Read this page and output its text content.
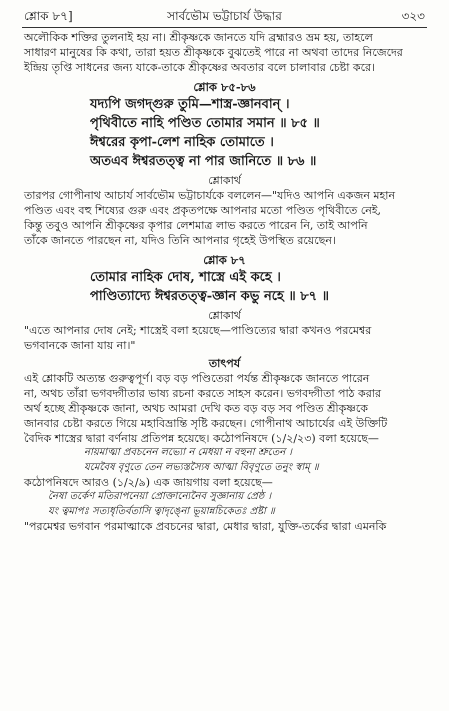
শ্লোক ৮৭]	সার্বভৌম ভট্টাচার্য উদ্ধার	৩২৩

অলৌকিক শক্তির তুলনাই হয় না। শ্রীকৃষ্ণকে জানতে যদি ব্রহ্মারও ভ্রম হয়, তাহলে

সাধারণ মানুষের কি কথা, তারা হয়ত শ্রীকৃষ্ণকে বুঝতেই পারে না অথবা তাদের নিজেদের

ইন্দ্রিয় তৃপ্তি সাধনের জন্য যাকে-তাকে শ্রীকৃষ্ণের অবতার বলে চালাবার চেষ্টা করে।

শ্লোক ৮৫-৮৬
যদ্যপি জগদ্গুরু তুমি—শাস্ত্র-জ্ঞানবান্ ।
পৃথিবীতে নাহি পণ্ডিত তোমার সমান ॥ ৮৫ ॥
ঈশ্বরের কৃপা-লেশ নাহিক তোমাতে ।
অতএব ঈশ্বরতত্ত্ব না পার জানিতে ॥ ৮৬ ॥
শ্লোকার্থ

তারপর গোপীনাথ আচার্য সার্বভৌম ভট্টাচার্যকে বললেন—"যদিও আপনি একজন মহান

পণ্ডিত এবং বহু শিষ্যের গুরু এবং প্রকৃতপক্ষে আপনার মতো পণ্ডিত পৃথিবীতে নেই,

কিন্তু তবুও আপনি শ্রীকৃষ্ণের কৃপার লেশমাত্র লাভ করতে পারেন নি, তাই আপনি

তাঁকে জানতে পারছেন না, যদিও তিনি আপনার গৃহেই উপস্থিত রয়েছেন।

শ্লোক ৮৭
তোমার নাহিক দোষ, শাস্ত্রে এই কহে ।
পাণ্ডিত্যাদ্যে ঈশ্বরতত্ত্ব-জ্ঞান কভু নহে ॥ ৮৭ ॥
শ্লোকার্থ

"এতে আপনার দোষ নেই; শাস্ত্রেই বলা হয়েছে—পাণ্ডিত্যের দ্বারা কখনও পরমেশ্বর

ভগবানকে জানা যায় না।"

তাৎপর্য

এই শ্লোকটি অত্যন্ত গুরুত্বপূর্ণ। বড় বড় পণ্ডিতেরা পর্যন্ত শ্রীকৃষ্ণকে জানতে পারেন

না, অথচ তাঁরা ভগবদ্গীতার ভাষ্য রচনা করতে সাহস করেন। ভগবদ্গীতা পাঠ করার

অর্থ হচ্ছে শ্রীকৃষ্ণকে জানা, অথচ আমরা দেখি কত বড় বড় সব পণ্ডিত শ্রীকৃষ্ণকে

জানবার চেষ্টা করতে গিয়ে মহাবিভ্রান্তি সৃষ্টি করছেন। গোপীনাথ আচার্যের এই উক্তিটি

বৈদিক শাস্ত্রের দ্বারা বর্ণনায় প্রতিপন্ন হয়েছে। কঠোপনিষদে (১/২/২৩) বলা হয়েছে—

নায়মাত্মা প্রবচনেন লভ্যো ন মেধয়া ন বহুনা শ্রুতেন ।
যমেবৈষ বৃণুতে তেন লভ্যস্তস্যৈষ আত্মা বিবৃণুতে তনুং স্বাম্ ॥

কঠোপনিষদে আরও (১/২/৯) এক জায়গায় বলা হয়েছে—

নৈষা তর্কেণ মতিরাপনেয়া প্রোক্তান্যেনৈব সুজ্ঞানায় প্রেষ্ঠ ।
যং ত্বমাপঃ সত্যধৃতির্বতাসি ত্বাদৃঙ্নো ভূয়ান্নচিকেতঃ প্রষ্টা ॥

"পরমেশ্বর ভগবান পরমাত্মাকে প্রবচনের দ্বারা, মেধার দ্বারা, যুক্তি-তর্কের দ্বারা এমনকি
